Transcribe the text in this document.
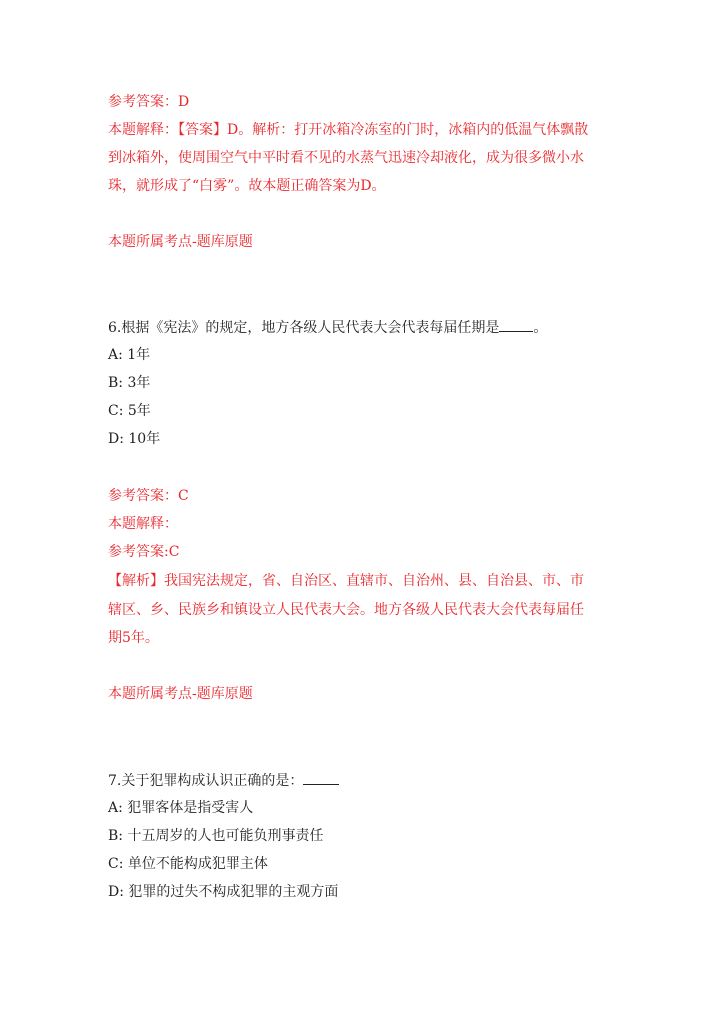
参考答案：D
本题解释：【答案】D。解析：打开冰箱冷冻室的门时，冰箱内的低温气体飘散
到冰箱外，使周围空气中平时看不见的水蒸气迅速冷却液化，成为很多微小水
珠，就形成了“白雾”。故本题正确答案为D。
本题所属考点-题库原题
6.根据《宪法》的规定，地方各级人民代表大会代表每届任期是 。
A: 1年
B: 3年
C: 5年
D: 10年
参考答案：C
本题解释：
参考答案:C
【解析】我国宪法规定，省、自治区、直辖市、自治州、县、自治县、市、市
辖区、乡、民族乡和镇设立人民代表大会。地方各级人民代表大会代表每届任
期5年。
本题所属考点-题库原题
7.关于犯罪构成认识正确的是：
A: 犯罪客体是指受害人
B: 十五周岁的人也可能负刑事责任
C: 单位不能构成犯罪主体
D: 犯罪的过失不构成犯罪的主观方面
